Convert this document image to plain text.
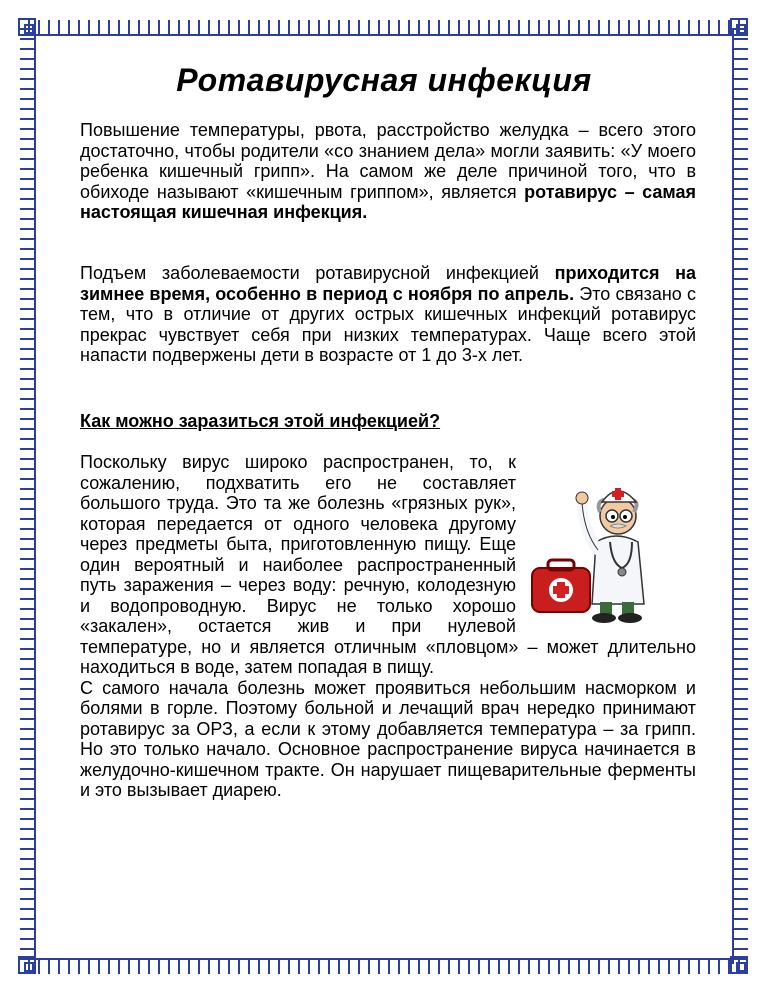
Ротавирусная инфекция

Повышение температуры, рвота, расстройство желудка – всего этого достаточно, чтобы родители «со знанием дела» могли заявить: «У моего ребенка кишечный грипп». На самом же деле причиной того, что в обиходе называют «кишечным гриппом», является ротавирус – самая настоящая кишечная инфекция.

Подъем заболеваемости ротавирусной инфекцией приходится на зимнее время, особенно в период с ноября по апрель. Это связано с тем, что в отличие от других острых кишечных инфекций ротавирус прекрас чувствует себя при низких температурах. Чаще всего этой напасти подвержены дети в возрасте от 1 до 3-х лет.

Как можно заразиться этой инфекцией?

Поскольку вирус широко распространен, то, к сожалению, подхватить его не составляет большого труда. Это та же болезнь «грязных рук», которая передается от одного человека другому через предметы быта, приготовленную пищу. Еще один вероятный и наиболее распространенный путь заражения – через воду: речную, колодезную и водопроводную. Вирус не только хорошо «закален», остается жив и при нулевой температуре, но и является отличным «пловцом» – может длительно находиться в воде, затем попадая в пищу.

С самого начала болезнь может проявиться небольшим насморком и болями в горле. Поэтому больной и лечащий врач нередко принимают ротавирус за ОРЗ, а если к этому добавляется температура – за грипп. Но это только начало. Основное распространение вируса начинается в желудочно-кишечном тракте. Он нарушает пищеварительные ферменты и это вызывает диарею.
